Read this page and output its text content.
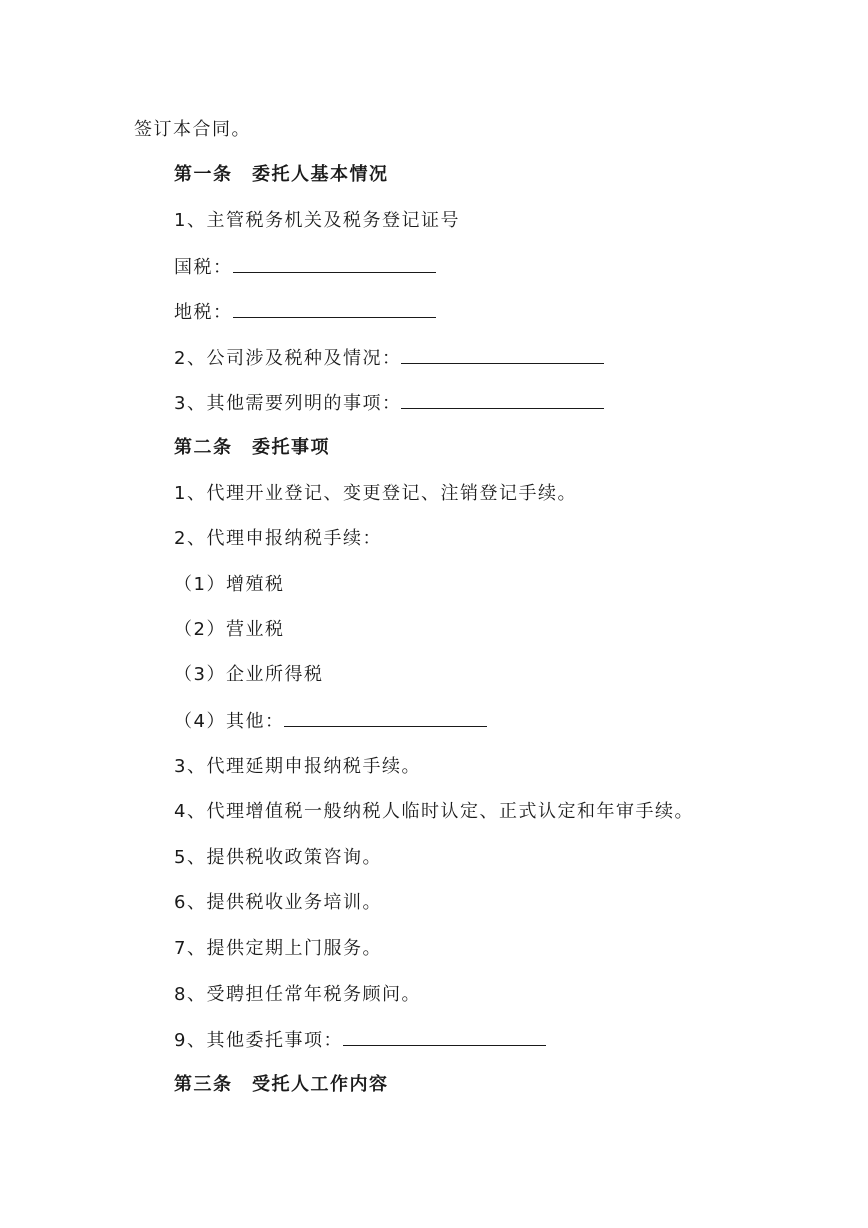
签订本合同。
第一条　委托人基本情况
1、主管税务机关及税务登记证号
国税：
地税：
2、公司涉及税种及情况：
3、其他需要列明的事项：
第二条　委托事项
1、代理开业登记、变更登记、注销登记手续。
2、代理申报纳税手续：
（1）增殖税
（2）营业税
（3）企业所得税
（4）其他：
3、代理延期申报纳税手续。
4、代理增值税一般纳税人临时认定、正式认定和年审手续。
5、提供税收政策咨询。
6、提供税收业务培训。
7、提供定期上门服务。
8、受聘担任常年税务顾问。
9、其他委托事项：
第三条　受托人工作内容
